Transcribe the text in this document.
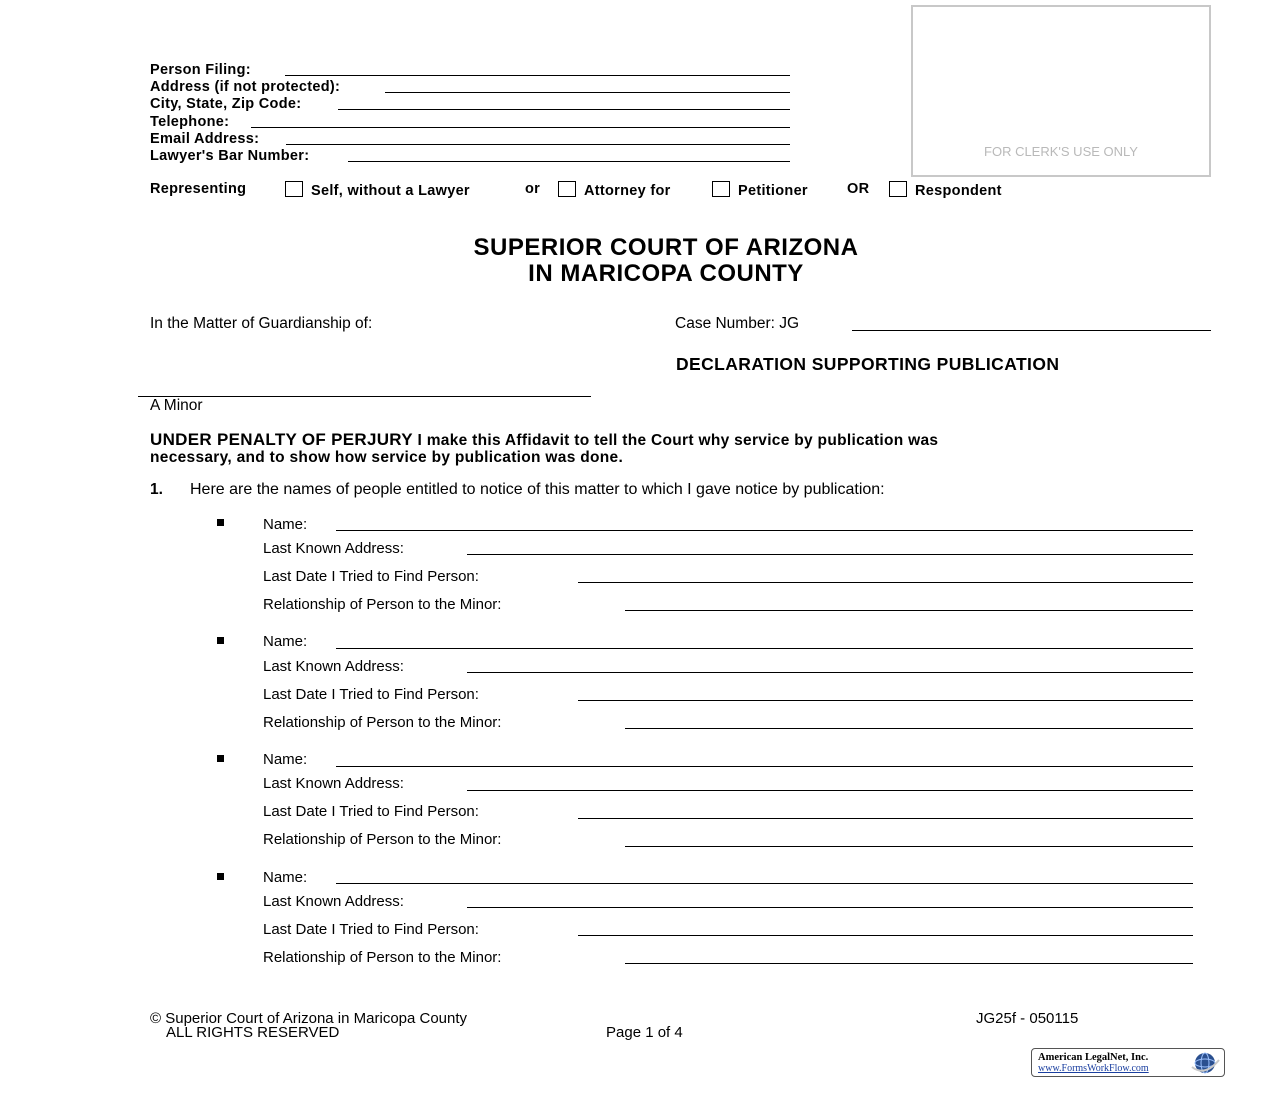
FOR CLERK'S USE ONLY
Person Filing:
Address (if not protected):
City, State, Zip Code:
Telephone:
Email Address:
Lawyer's Bar Number:
Representing	Self, without a Lawyer	or	Attorney for	Petitioner	OR	Respondent
SUPERIOR COURT OF ARIZONA
IN MARICOPA COUNTY
In the Matter of Guardianship of:	Case Number: JG
DECLARATION SUPPORTING PUBLICATION
A Minor
UNDER PENALTY OF PERJURY I make this Affidavit to tell the Court why service by publication was
necessary, and to show how service by publication was done.
1. Here are the names of people entitled to notice of this matter to which I gave notice by publication:
Name:
Last Known Address:
Last Date I Tried to Find Person:
Relationship of Person to the Minor:
Name:
Last Known Address:
Last Date I Tried to Find Person:
Relationship of Person to the Minor:
Name:
Last Known Address:
Last Date I Tried to Find Person:
Relationship of Person to the Minor:
Name:
Last Known Address:
Last Date I Tried to Find Person:
Relationship of Person to the Minor:
© Superior Court of Arizona in Maricopa County
ALL RIGHTS RESERVED	Page 1 of 4
JG25f - 050115
American LegalNet, Inc.
www.FormsWorkFlow.com
